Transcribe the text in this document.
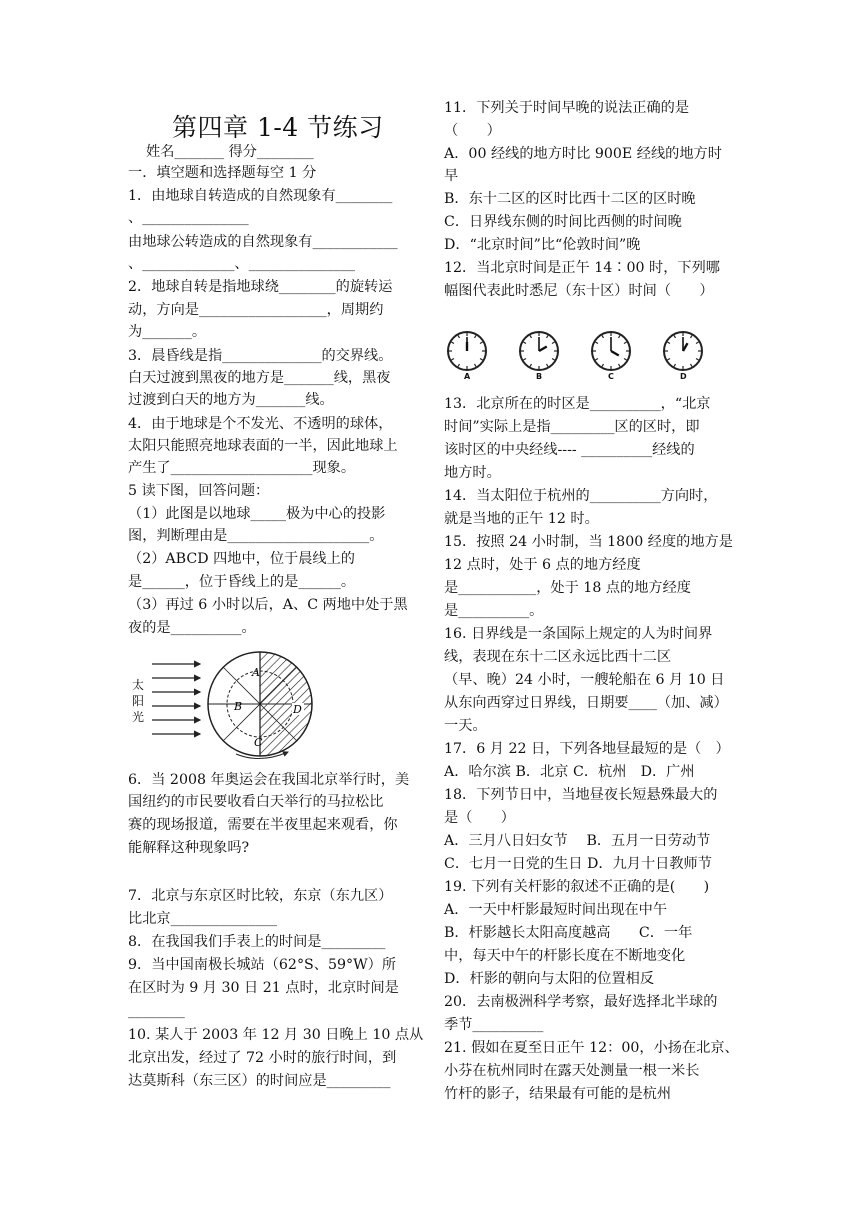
第四章 1-4 节练习
姓名_______ 得分________
一．填空题和选择题每空 1 分
1．由地球自转造成的自然现象有________
、_______________
由地球公转造成的自然现象有____________
、_____________、_______________
2．地球自转是指地球绕________的旋转运
动，方向是__________________，周期约
为_______。
3．晨昏线是指______________的交界线。
白天过渡到黑夜的地方是_______线，黑夜
过渡到白天的地方为_______线。
4．由于地球是个不发光、不透明的球体，
太阳只能照亮地球表面的一半，因此地球上
产生了____________________现象。
5 读下图，回答问题：
（1）此图是以地球_____极为中心的投影
图，判断理由是____________________。
（2）ABCD 四地中，位于晨线上的
是______，位于昏线上的是______。
（3）再过 6 小时以后，A、C 两地中处于黑
夜的是__________。
6．当 2008 年奥运会在我国北京举行时，美
国纽约的市民要收看白天举行的马拉松比
赛的现场报道，需要在半夜里起来观看，你
能解释这种现象吗?
7．北京与东京区时比较，东京（东九区）
比北京_______________
8．在我国我们手表上的时间是_________
9．当中国南极长城站（62°S、59°W）所
在区时为 9 月 30 日 21 点时，北京时间是
________
10. 某人于 2003 年 12 月 30 日晚上 10 点从
北京出发，经过了 72 小时的旅行时间，到
达莫斯科（东三区）的时间应是_________
太
阳
光
A
B
C
D
11．下列关于时间早晚的说法正确的是
（　　）
A．00 经线的地方时比 900E 经线的地方时
早
B．东十二区的区时比西十二区的区时晚
C．日界线东侧的时间比西侧的时间晚
D．“北京时间”比“伦敦时间”晚
12．当北京时间是正午 14∶00 时，下列哪
幅图代表此时悉尼（东十区）时间（　　）
13．北京所在的时区是__________，“北京
时间”实际上是指_________区的区时，即
该时区的中央经线---- __________经线的
地方时。
14．当太阳位于杭州的__________方向时，
就是当地的正午 12 时。
15．按照 24 小时制，当 1800 经度的地方是
12 点时，处于 6 点的地方经度
是___________，处于 18 点的地方经度
是__________。
16. 日界线是一条国际上规定的人为时间界
线，表现在东十二区永远比西十二区
（早、晚）24 小时，一艘轮船在 6 月 10 日
从东向西穿过日界线，日期要____（加、减）
一天。
17．6 月 22 日，下列各地昼最短的是（　）
A．哈尔滨 B．北京 C．杭州　D．广州
18．下列节日中，当地昼夜长短悬殊最大的
是（　　）
A．三月八日妇女节　 B．五月一日劳动节
C．七月一日党的生日 D．九月十日教师节
19. 下列有关杆影的叙述不正确的是(　　)
A．一天中杆影最短时间出现在中午
B．杆影越长太阳高度越高　　C．一年
中，每天中午的杆影长度在不断地变化
D．杆影的朝向与太阳的位置相反
20．去南极洲科学考察，最好选择北半球的
季节__________
21. 假如在夏至日正午 12：00，小扬在北京、
小芬在杭州同时在露天处测量一根一米长
竹杆的影子，结果最有可能的是杭州
A	B	C	D
